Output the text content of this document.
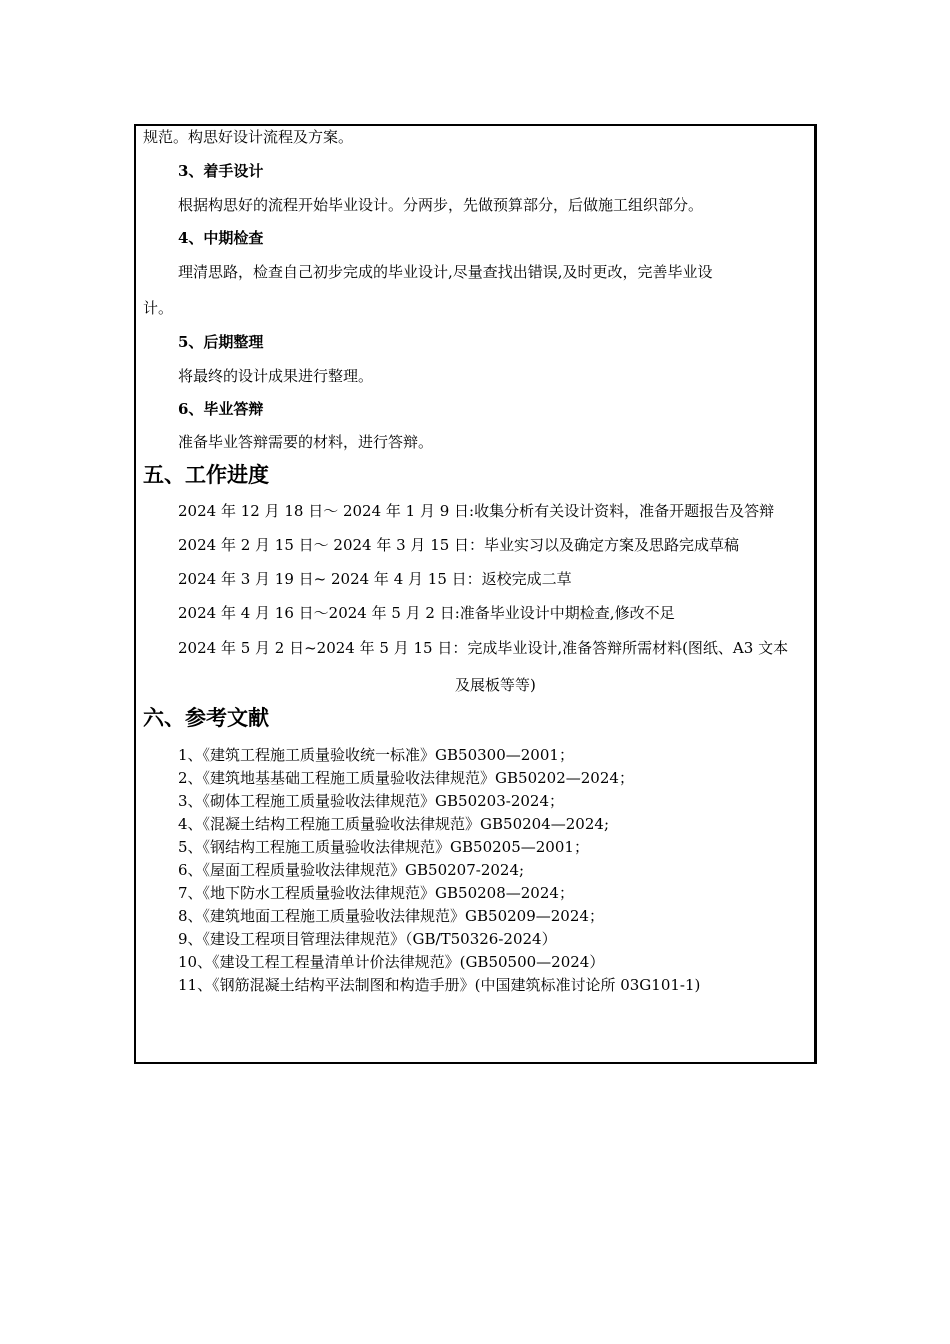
规范。构思好设计流程及方案。

3、着手设计

根据构思好的流程开始毕业设计。分两步，先做预算部分，后做施工组织部分。

4、中期检查

理清思路，检查自己初步完成的毕业设计,尽量查找出错误,及时更改，完善毕业设

计。

5、后期整理

将最终的设计成果进行整理。

6、毕业答辩

准备毕业答辩需要的材料，进行答辩。

五、工作进度

2024 年 12 月 18 日～ 2024 年 1 月 9 日:收集分析有关设计资料，准备开题报告及答辩

2024 年 2 月 15 日～ 2024 年 3 月 15 日：毕业实习以及确定方案及思路完成草稿

2024 年 3 月 19 日~ 2024 年 4 月 15 日：返校完成二草

2024 年 4 月 16 日～2024 年 5 月 2 日:准备毕业设计中期检查,修改不足

2024 年 5 月 2 日~2024 年 5 月 15 日：完成毕业设计,准备答辩所需材料(图纸、A3 文本

及展板等等)

六、参考文献

1、《建筑工程施工质量验收统一标准》GB50300—2001；

2、《建筑地基基础工程施工质量验收法律规范》GB50202—2024；

3、《砌体工程施工质量验收法律规范》GB50203-2024；

4、《混凝土结构工程施工质量验收法律规范》GB50204—2024;

5、《钢结构工程施工质量验收法律规范》GB50205—2001；

6、《屋面工程质量验收法律规范》GB50207-2024;

7、《地下防水工程质量验收法律规范》GB50208—2024；

8、《建筑地面工程施工质量验收法律规范》GB50209—2024；

9、《建设工程项目管理法律规范》（GB/T50326-2024）

10、《建设工程工程量清单计价法律规范》(GB50500—2024）

11、《钢筋混凝土结构平法制图和构造手册》(中国建筑标准讨论所 03G101-1)
